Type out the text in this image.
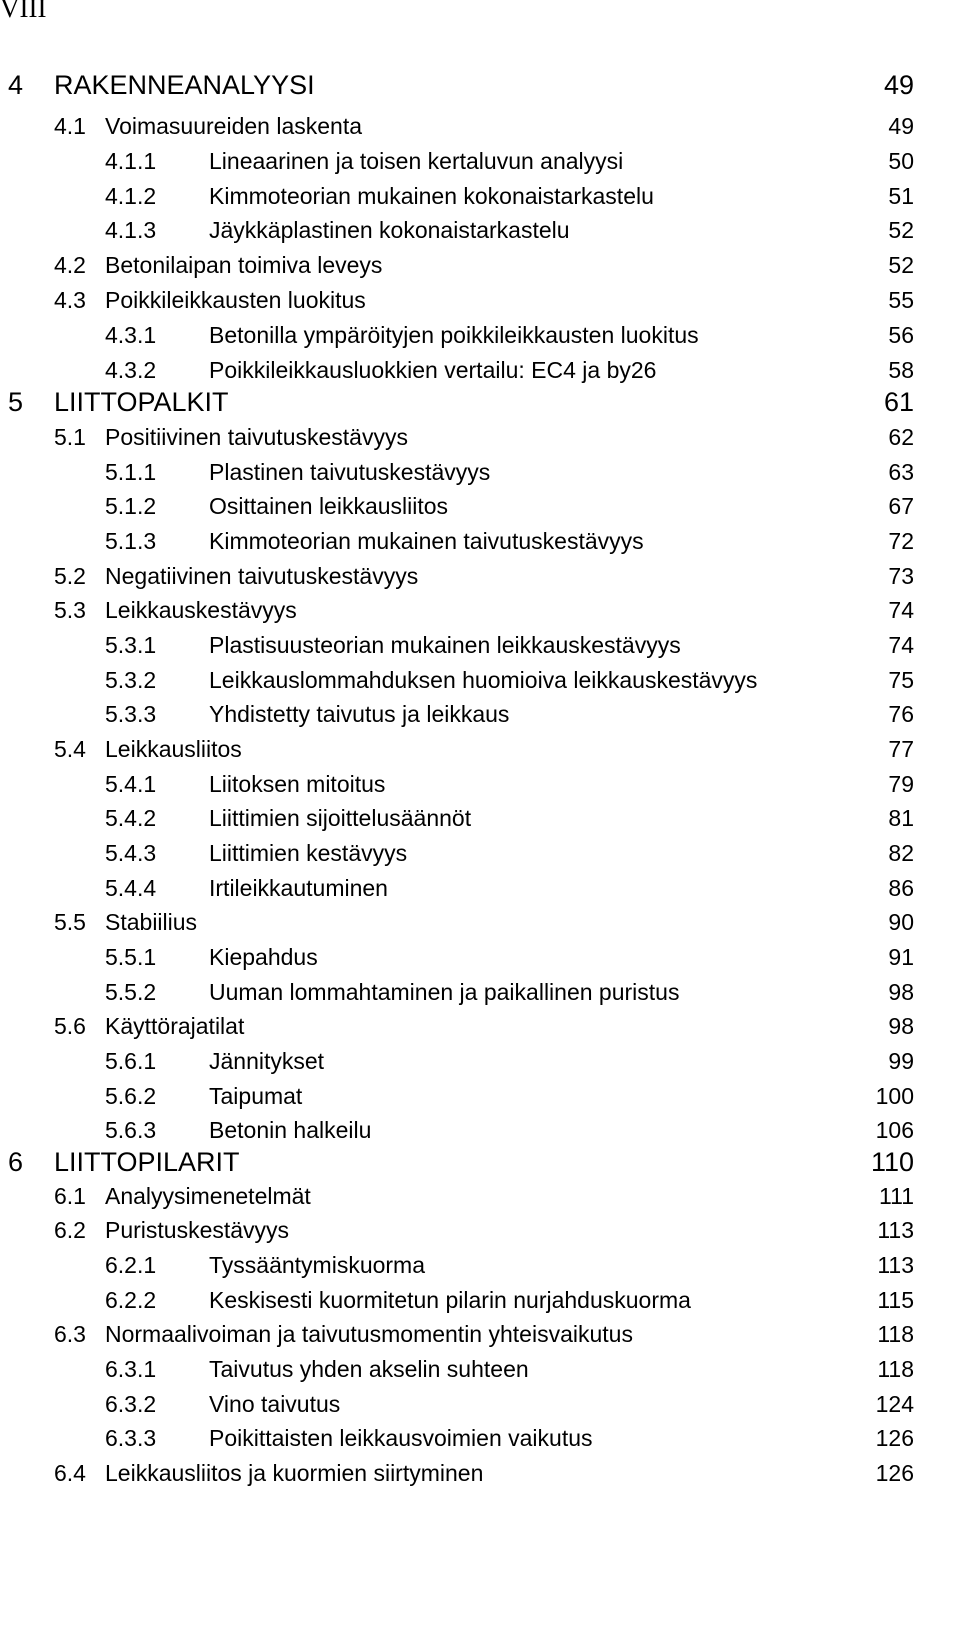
VIII
4 RAKENNEANALYYSI . . .	49
4.1 Voimasuureiden laskenta . . .	49
4.1.1 Lineaarinen ja toisen kertaluvun analyysi . . .	50
4.1.2 Kimmoteorian mukainen kokonaistarkastelu . . .	51
4.1.3 Jäykkäplastinen kokonaistarkastelu . . .	52
4.2 Betonilaipan toimiva leveys . . .	52
4.3 Poikkileikkausten luokitus . . .	55
4.3.1 Betonilla ympäröityjen poikkileikkausten luokitus . . .	56
4.3.2 Poikkileikkausluokkien vertailu: EC4 ja by26 . . .	58
5 LIITTOPALKIT . . .	61
5.1 Positiivinen taivutuskestävyys . . .	62
5.1.1 Plastinen taivutuskestävyys . . .	63
5.1.2 Osittainen leikkausliitos . . .	67
5.1.3 Kimmoteorian mukainen taivutuskestävyys . . .	72
5.2 Negatiivinen taivutuskestävyys . . .	73
5.3 Leikkauskestävyys . . .	74
5.3.1 Plastisuusteorian mukainen leikkauskestävyys . . .	74
5.3.2 Leikkauslommahduksen huomioiva leikkauskestävyys . . .	75
5.3.3 Yhdistetty taivutus ja leikkaus . . .	76
5.4 Leikkausliitos . . .	77
5.4.1 Liitoksen mitoitus . . .	79
5.4.2 Liittimien sijoittelusäännöt . . .	81
5.4.3 Liittimien kestävyys . . .	82
5.4.4 Irtileikkautuminen . . .	86
5.5 Stabiilius . . .	90
5.5.1 Kiepahdus . . .	91
5.5.2 Uuman lommahtaminen ja paikallinen puristus . . .	98
5.6 Käyttörajatilat . . .	98
5.6.1 Jännitykset . . .	99
5.6.2 Taipumat . . .	100
5.6.3 Betonin halkeilu . . .	106
6 LIITTOPILARIT . . .	110
6.1 Analyysimenetelmät . . .	111
6.2 Puristuskestävyys . . .	113
6.2.1 Tyssääntymiskuorma . . .	113
6.2.2 Keskisesti kuormitetun pilarin nurjahduskuorma . . .	115
6.3 Normaalivoiman ja taivutusmomentin yhteisvaikutus . . .	118
6.3.1 Taivutus yhden akselin suhteen . . .	118
6.3.2 Vino taivutus . . .	124
6.3.3 Poikittaisten leikkausvoimien vaikutus . . .	126
6.4 Leikkausliitos ja kuormien siirtyminen . . .	126
